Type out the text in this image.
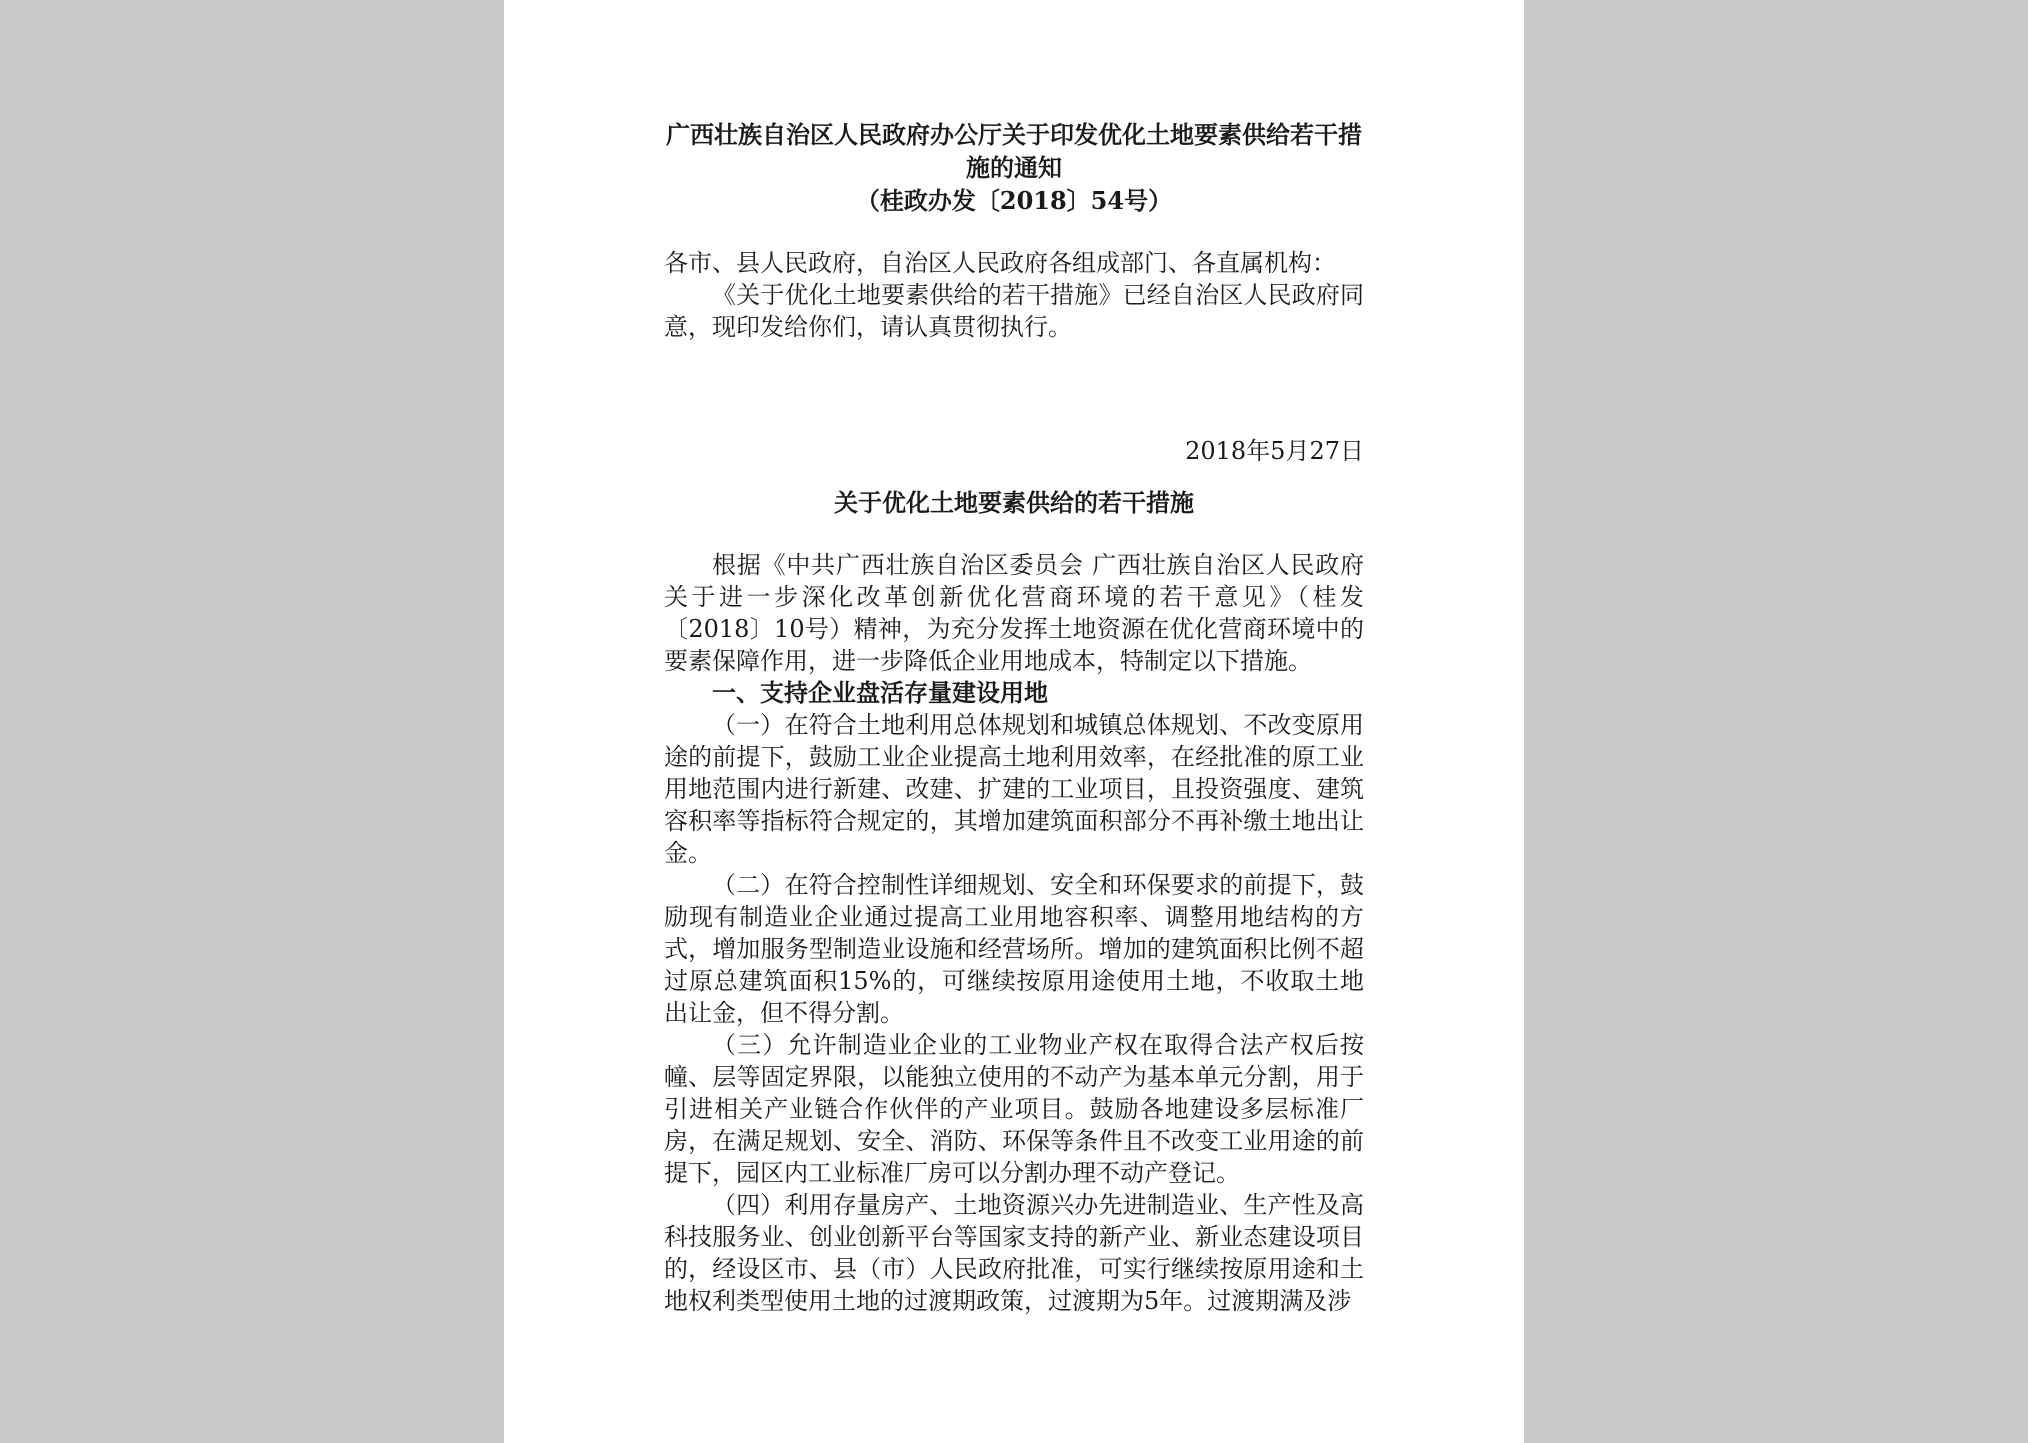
广西壮族自治区人民政府办公厅关于印发优化土地要素供给若干措
施的通知
（桂政办发〔2018〕54号）
各市、县人民政府，自治区人民政府各组成部门、各直属机构：

《关于优化土地要素供给的若干措施》已经自治区人民政府同意，现印发给你们，请认真贯彻执行。

2018年5月27日
关于优化土地要素供给的若干措施

根据《中共广西壮族自治区委员会 广西壮族自治区人民政府关于进一步深化改革创新优化营商环境的若干意见》（桂发〔2018〕10号）精神，为充分发挥土地资源在优化营商环境中的要素保障作用，进一步降低企业用地成本，特制定以下措施。

一、支持企业盘活存量建设用地

（一）在符合土地利用总体规划和城镇总体规划、不改变原用途的前提下，鼓励工业企业提高土地利用效率，在经批准的原工业用地范围内进行新建、改建、扩建的工业项目，且投资强度、建筑容积率等指标符合规定的，其增加建筑面积部分不再补缴土地出让金。

（二）在符合控制性详细规划、安全和环保要求的前提下，鼓励现有制造业企业通过提高工业用地容积率、调整用地结构的方式，增加服务型制造业设施和经营场所。增加的建筑面积比例不超过原总建筑面积15%的，可继续按原用途使用土地，不收取土地出让金，但不得分割。

（三）允许制造业企业的工业物业产权在取得合法产权后按幢、层等固定界限，以能独立使用的不动产为基本单元分割，用于引进相关产业链合作伙伴的产业项目。鼓励各地建设多层标准厂房，在满足规划、安全、消防、环保等条件且不改变工业用途的前提下，园区内工业标准厂房可以分割办理不动产登记。

（四）利用存量房产、土地资源兴办先进制造业、生产性及高科技服务业、创业创新平台等国家支持的新产业、新业态建设项目的，经设区市、县（市）人民政府批准，可实行继续按原用途和土地权利类型使用土地的过渡期政策，过渡期为5年。过渡期满及涉
